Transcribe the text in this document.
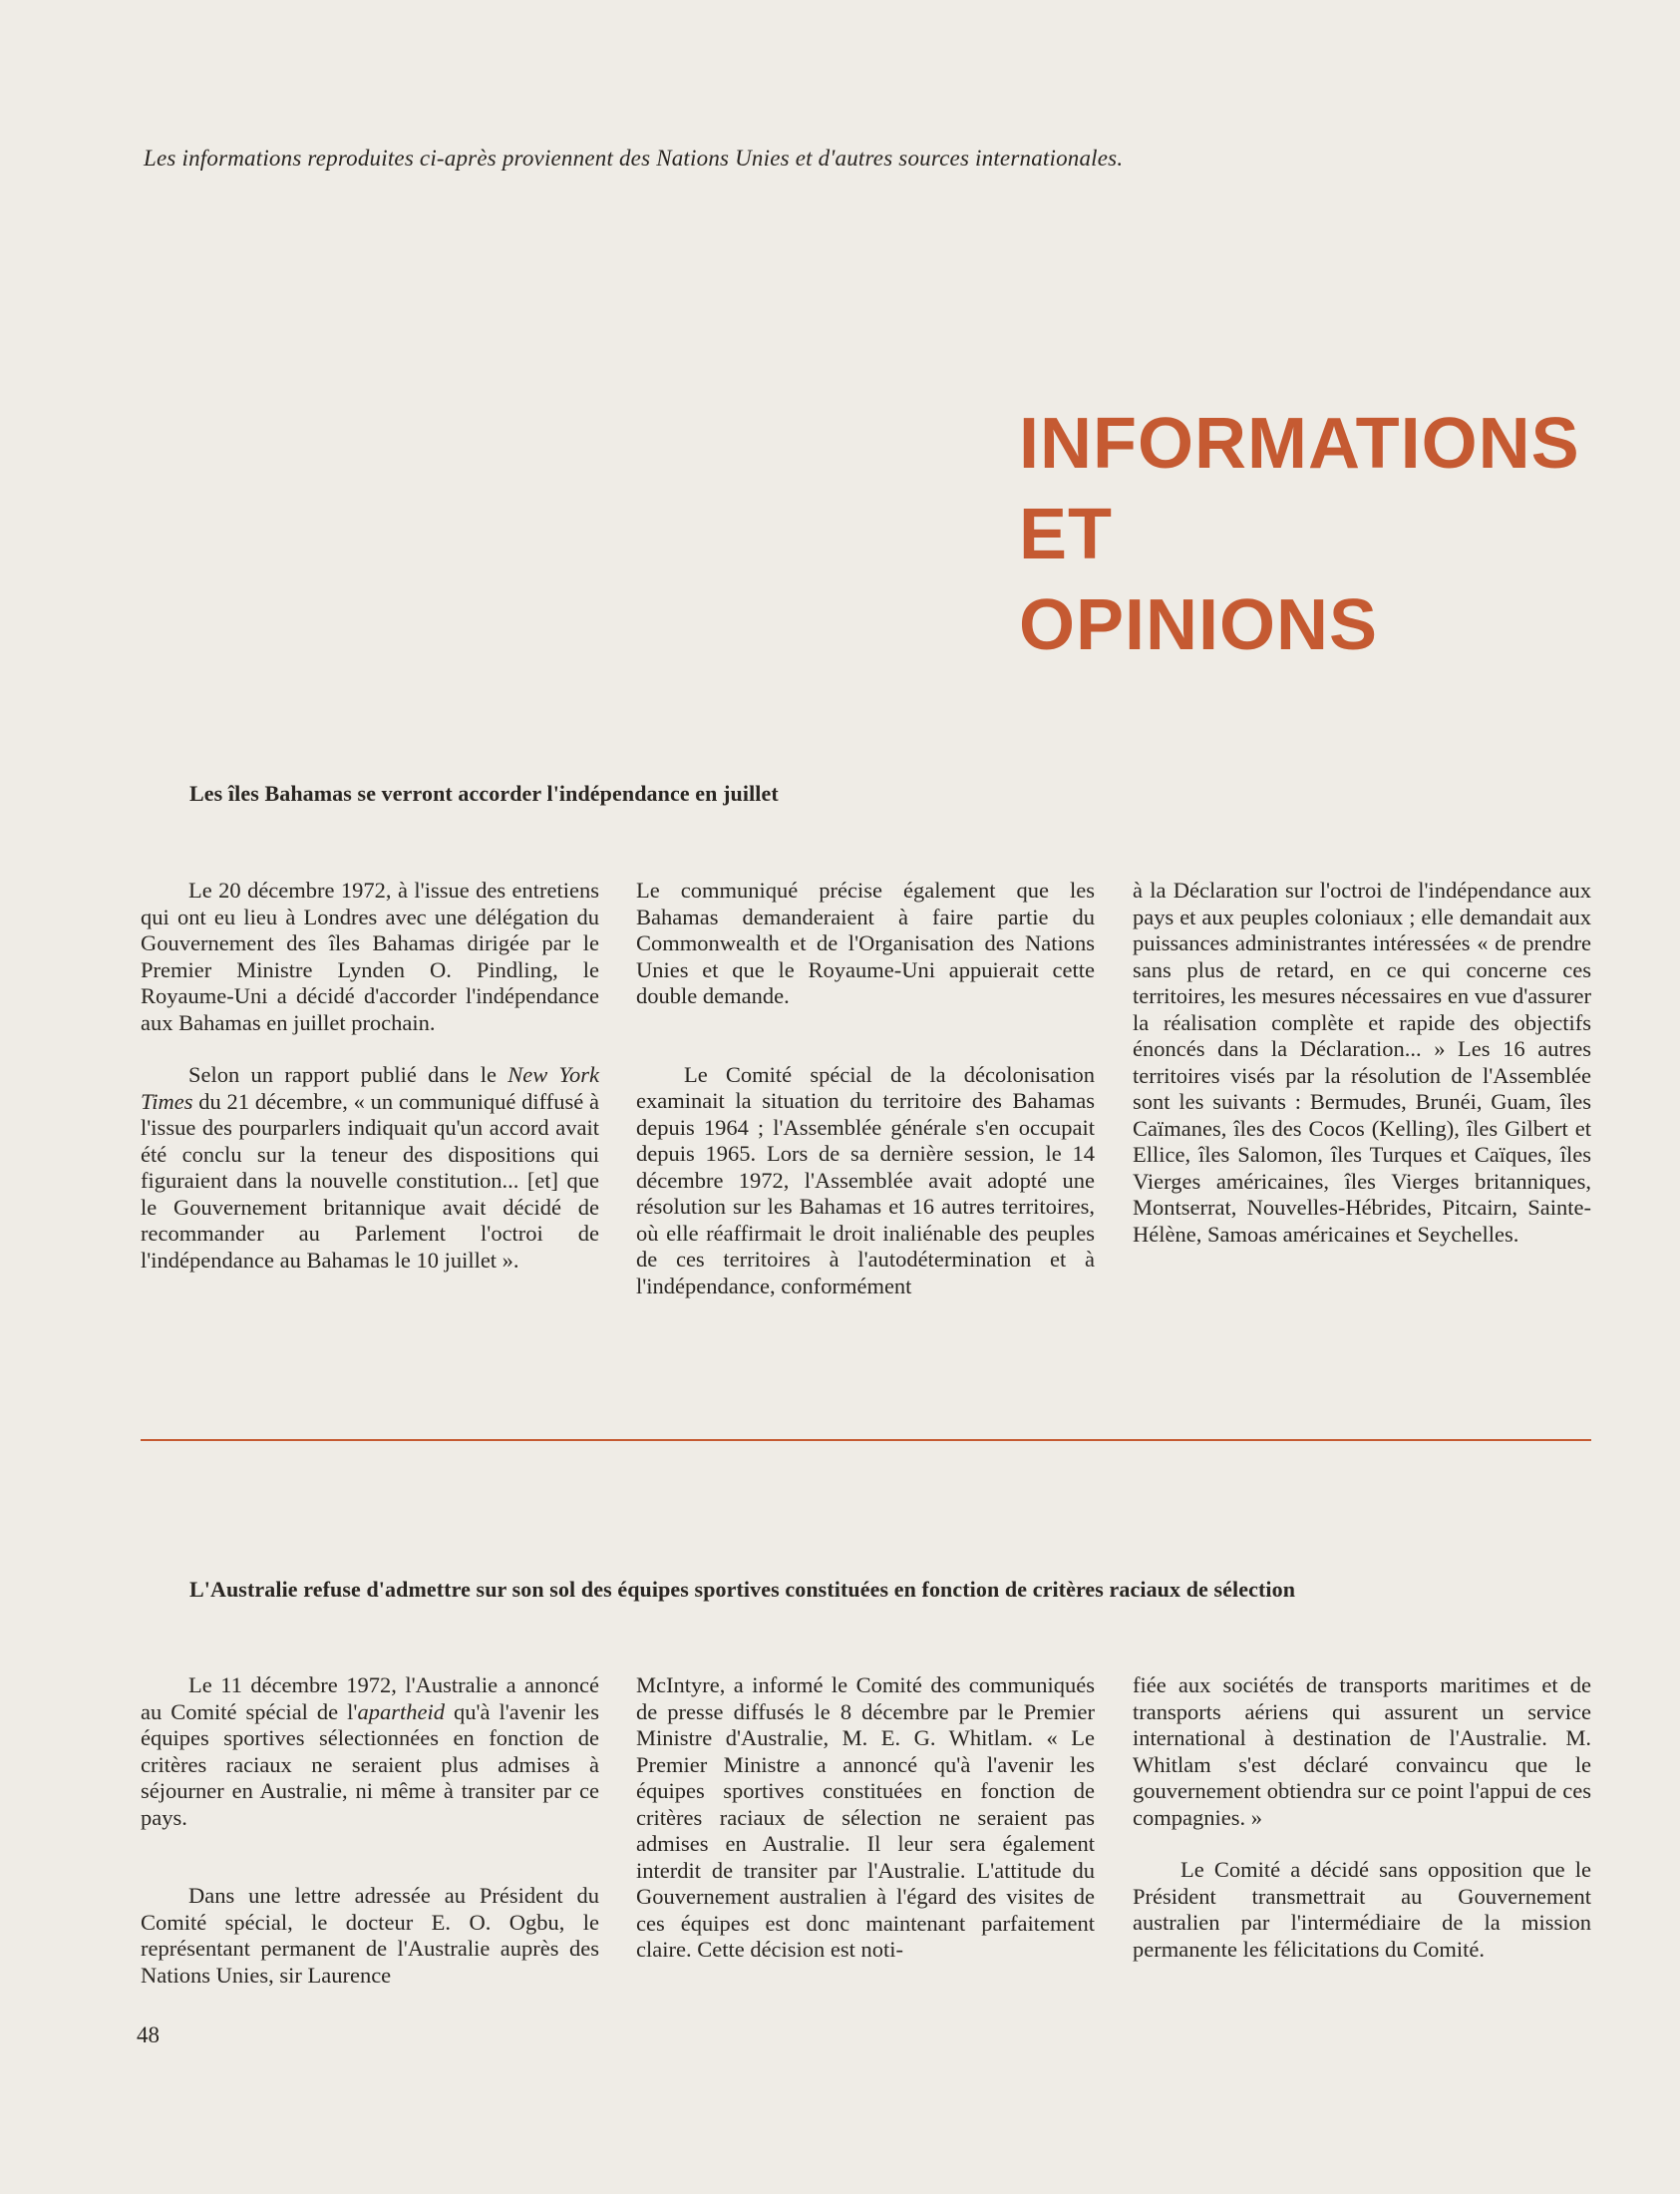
Les informations reproduites ci-après proviennent des Nations Unies et d'autres sources internationales.
INFORMATIONS
ET
OPINIONS
Les îles Bahamas se verront accorder l'indépendance en juillet

Le 20 décembre 1972, à l'issue des entretiens qui ont eu lieu à Londres avec une délégation du Gouvernement des îles Bahamas dirigée par le Premier Ministre Lynden O. Pindling, le Royaume-Uni a décidé d'accorder l'indépendance aux Bahamas en juillet prochain.

Selon un rapport publié dans le New York Times du 21 décembre, « un communiqué diffusé à l'issue des pourparlers indiquait qu'un accord avait été conclu sur la teneur des dispositions qui figuraient dans la nouvelle constitution... [et] que le Gouvernement britannique avait décidé de recommander au Parlement l'octroi de l'indépendance au Bahamas le 10 juillet ».

Le communiqué précise également que les Bahamas demanderaient à faire partie du Commonwealth et de l'Organisation des Nations Unies et que le Royaume-Uni appuierait cette double demande.

Le Comité spécial de la décolonisation examinait la situation du territoire des Bahamas depuis 1964 ; l'Assemblée générale s'en occupait depuis 1965. Lors de sa dernière session, le 14 décembre 1972, l'Assemblée avait adopté une résolution sur les Bahamas et 16 autres territoires, où elle réaffirmait le droit inaliénable des peuples de ces territoires à l'autodétermination et à l'indépendance, conformément

à la Déclaration sur l'octroi de l'indépendance aux pays et aux peuples coloniaux ; elle demandait aux puissances administrantes intéressées « de prendre sans plus de retard, en ce qui concerne ces territoires, les mesures nécessaires en vue d'assurer la réalisation complète et rapide des objectifs énoncés dans la Déclaration... » Les 16 autres territoires visés par la résolution de l'Assemblée sont les suivants : Bermudes, Brunéi, Guam, îles Caïmanes, îles des Cocos (Kelling), îles Gilbert et Ellice, îles Salomon, îles Turques et Caïques, îles Vierges américaines, îles Vierges britanniques, Montserrat, Nouvelles-Hébrides, Pitcairn, Sainte-Hélène, Samoas américaines et Seychelles.

L'Australie refuse d'admettre sur son sol des équipes sportives constituées en fonction de critères raciaux de sélection

Le 11 décembre 1972, l'Australie a annoncé au Comité spécial de l'apartheid qu'à l'avenir les équipes sportives sélectionnées en fonction de critères raciaux ne seraient plus admises à séjourner en Australie, ni même à transiter par ce pays.

Dans une lettre adressée au Président du Comité spécial, le docteur E. O. Ogbu, le représentant permanent de l'Australie auprès des Nations Unies, sir Laurence

McIntyre, a informé le Comité des communiqués de presse diffusés le 8 décembre par le Premier Ministre d'Australie, M. E. G. Whitlam. « Le Premier Ministre a annoncé qu'à l'avenir les équipes sportives constituées en fonction de critères raciaux de sélection ne seraient pas admises en Australie. Il leur sera également interdit de transiter par l'Australie. L'attitude du Gouvernement australien à l'égard des visites de ces équipes est donc maintenant parfaitement claire. Cette décision est noti-

fiée aux sociétés de transports maritimes et de transports aériens qui assurent un service international à destination de l'Australie. M. Whitlam s'est déclaré convaincu que le gouvernement obtiendra sur ce point l'appui de ces compagnies. »

Le Comité a décidé sans opposition que le Président transmettrait au Gouvernement australien par l'intermédiaire de la mission permanente les félicitations du Comité.

48
